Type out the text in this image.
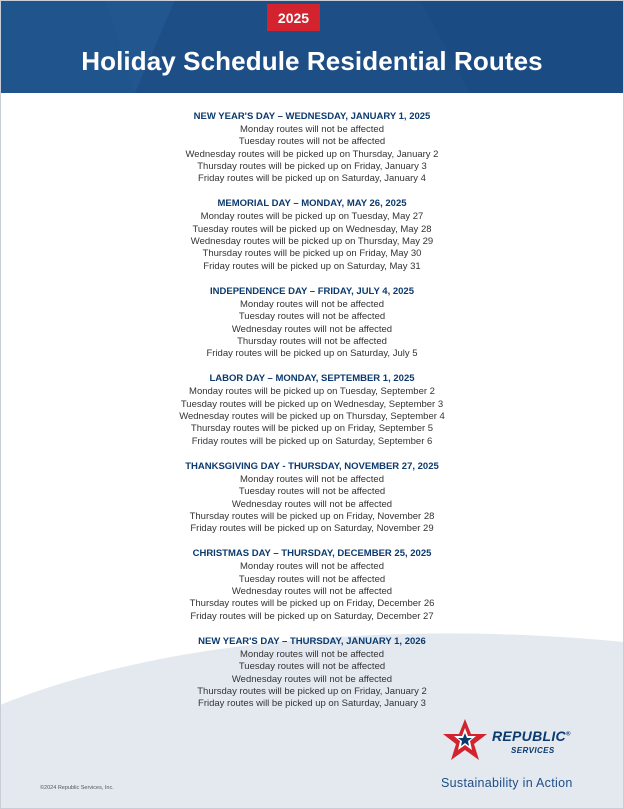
2025
Holiday Schedule Residential Routes
NEW YEAR'S DAY – WEDNESDAY, JANUARY 1, 2025
Monday routes will not be affected
Tuesday routes will not be affected
Wednesday routes will be picked up on Thursday, January 2
Thursday routes will be picked up on Friday, January 3
Friday routes will be picked up on Saturday, January 4
MEMORIAL DAY – MONDAY, MAY 26, 2025
Monday routes will be picked up on Tuesday, May 27
Tuesday routes will be picked up on Wednesday, May 28
Wednesday routes will be picked up on Thursday, May 29
Thursday routes will be picked up on Friday, May 30
Friday routes will be picked up on Saturday, May 31
INDEPENDENCE DAY – FRIDAY, JULY 4, 2025
Monday routes will not be affected
Tuesday routes will not be affected
Wednesday routes will not be affected
Thursday routes will not be affected
Friday routes will be picked up on Saturday, July 5
LABOR DAY – MONDAY, SEPTEMBER 1, 2025
Monday routes will be picked up on Tuesday, September 2
Tuesday routes will be picked up on Wednesday, September 3
Wednesday routes will be picked up on Thursday, September 4
Thursday routes will be picked up on Friday, September 5
Friday routes will be picked up on Saturday, September 6
THANKSGIVING DAY - THURSDAY, NOVEMBER 27, 2025
Monday routes will not be affected
Tuesday routes will not be affected
Wednesday routes will not be affected
Thursday routes will be picked up on Friday, November 28
Friday routes will be picked up on Saturday, November 29
CHRISTMAS DAY – THURSDAY, DECEMBER 25, 2025
Monday routes will not be affected
Tuesday routes will not be affected
Wednesday routes will not be affected
Thursday routes will be picked up on Friday, December 26
Friday routes will be picked up on Saturday, December 27
NEW YEAR'S DAY – THURSDAY, JANUARY 1, 2026
Monday routes will not be affected
Tuesday routes will not be affected
Wednesday routes will not be affected
Thursday routes will be picked up on Friday, January 2
Friday routes will be picked up on Saturday, January 3
REPUBLIC®
SERVICES
Sustainability in Action
©2024 Republic Services, Inc.
